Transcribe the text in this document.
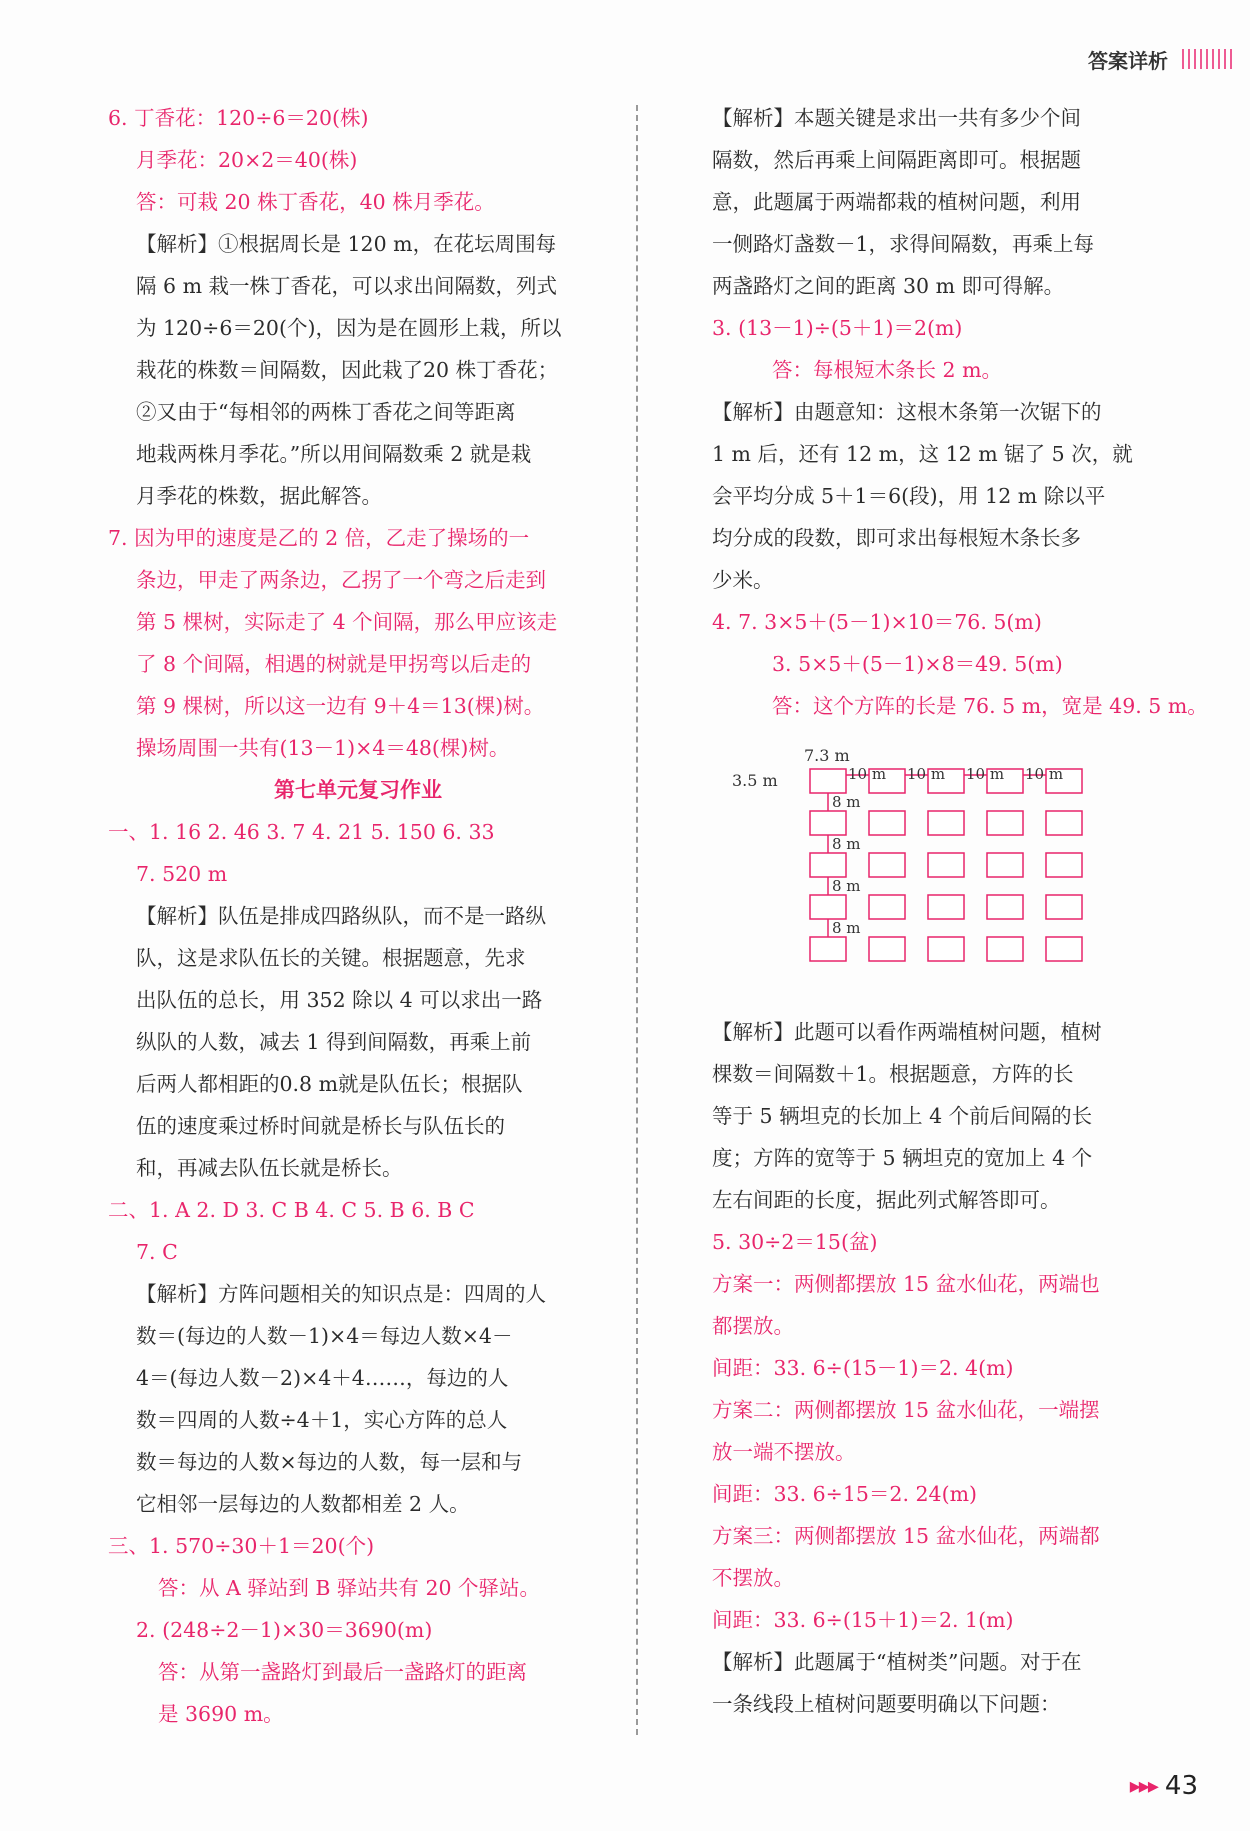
答案详析
6. 丁香花：120÷6＝20(株)
月季花：20×2＝40(株)
答：可栽 20 株丁香花，40 株月季花。
【解析】①根据周长是 120 m，在花坛周围每
隔 6 m 栽一株丁香花，可以求出间隔数，列式
为 120÷6＝20(个)，因为是在圆形上栽，所以
栽花的株数＝间隔数，因此栽了20 株丁香花；
②又由于“每相邻的两株丁香花之间等距离
地栽两株月季花。”所以用间隔数乘 2 就是栽
月季花的株数，据此解答。
7. 因为甲的速度是乙的 2 倍，乙走了操场的一
条边，甲走了两条边，乙拐了一个弯之后走到
第 5 棵树，实际走了 4 个间隔，那么甲应该走
了 8 个间隔，相遇的树就是甲拐弯以后走的
第 9 棵树，所以这一边有 9＋4＝13(棵)树。
操场周围一共有(13－1)×4＝48(棵)树。
第七单元复习作业
一、1. 16 2. 46 3. 7 4. 21 5. 150 6. 33
7. 520 m
【解析】队伍是排成四路纵队，而不是一路纵
队，这是求队伍长的关键。根据题意，先求
出队伍的总长，用 352 除以 4 可以求出一路
纵队的人数，减去 1 得到间隔数，再乘上前
后两人都相距的0.8 m就是队伍长；根据队
伍的速度乘过桥时间就是桥长与队伍长的
和，再减去队伍长就是桥长。
二、1. A 2. D 3. C B 4. C 5. B 6. B C
7. C
【解析】方阵问题相关的知识点是：四周的人
数＝(每边的人数－1)×4＝每边人数×4－
4＝(每边人数－2)×4＋4……，每边的人
数＝四周的人数÷4＋1，实心方阵的总人
数＝每边的人数×每边的人数，每一层和与
它相邻一层每边的人数都相差 2 人。
三、1. 570÷30＋1＝20(个)
答：从 A 驿站到 B 驿站共有 20 个驿站。
2. (248÷2－1)×30＝3690(m)
答：从第一盏路灯到最后一盏路灯的距离
是 3690 m。
【解析】本题关键是求出一共有多少个间
隔数，然后再乘上间隔距离即可。根据题
意，此题属于两端都栽的植树问题，利用
一侧路灯盏数－1，求得间隔数，再乘上每
两盏路灯之间的距离 30 m 即可得解。
3. (13－1)÷(5＋1)＝2(m)
答：每根短木条长 2 m。
【解析】由题意知：这根木条第一次锯下的
1 m 后，还有 12 m，这 12 m 锯了 5 次，就
会平均分成 5＋1＝6(段)，用 12 m 除以平
均分成的段数，即可求出每根短木条长多
少米。
4. 7. 3×5＋(5－1)×10＝76. 5(m)
3. 5×5＋(5－1)×8＝49. 5(m)
答：这个方阵的长是 76. 5 m，宽是 49. 5 m。
7.3 m
3.5 m	10 m 10 m 10 m 10 m
8 m
8 m
8 m
8 m
【解析】此题可以看作两端植树问题，植树
棵数＝间隔数＋1。根据题意，方阵的长
等于 5 辆坦克的长加上 4 个前后间隔的长
度；方阵的宽等于 5 辆坦克的宽加上 4 个
左右间距的长度，据此列式解答即可。
5. 30÷2＝15(盆)
方案一：两侧都摆放 15 盆水仙花，两端也
都摆放。
间距：33. 6÷(15－1)＝2. 4(m)
方案二：两侧都摆放 15 盆水仙花，一端摆
放一端不摆放。
间距：33. 6÷15＝2. 24(m)
方案三：两侧都摆放 15 盆水仙花，两端都
不摆放。
间距：33. 6÷(15＋1)＝2. 1(m)
【解析】此题属于“植树类”问题。对于在
一条线段上植树问题要明确以下问题：
▸▸▸ 43
